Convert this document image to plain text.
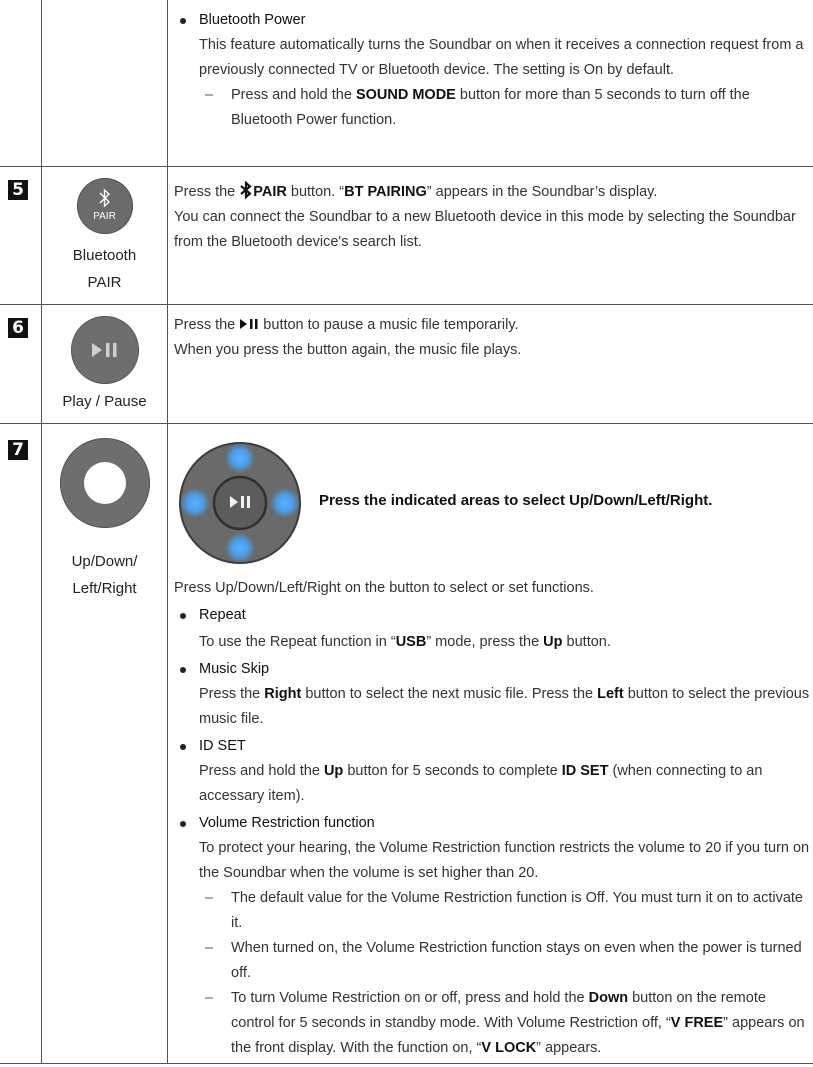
Bluetooth Power

This feature automatically turns the Soundbar on when it receives a connection request from a previously connected TV or Bluetooth device. The setting is On by default.

– Press and hold the SOUND MODE button for more than 5 seconds to turn off the Bluetooth Power function.
5
PAIR
Bluetooth
PAIR

Press the PAIR button. “BT PAIRING” appears in the Soundbar’s display.

You can connect the Soundbar to a new Bluetooth device in this mode by selecting the Soundbar from the Bluetooth device's search list.

6
Play / Pause

Press the  button to pause a music file temporarily.

When you press the button again, the music file plays.

7
Up/Down/
Left/Right
Press the indicated areas to select Up/Down/Left/Right.

Press Up/Down/Left/Right on the button to select or set functions.

Repeat

To use the Repeat function in “USB” mode, press the Up button.

Music Skip

Press the Right button to select the next music file. Press the Left button to select the previous music file.

ID SET

Press and hold the Up button for 5 seconds to complete ID SET (when connecting to an accessary item).

Volume Restriction function

To protect your hearing, the Volume Restriction function restricts the volume to 20 if you turn on the Soundbar when the volume is set higher than 20.

– The default value for the Volume Restriction function is Off. You must turn it on to activate it.
– When turned on, the Volume Restriction function stays on even when the power is turned off.
– To turn Volume Restriction on or off, press and hold the Down button on the remote control for 5 seconds in standby mode. With Volume Restriction off, “V FREE” appears on the front display. With the function on, “V LOCK” appears.
